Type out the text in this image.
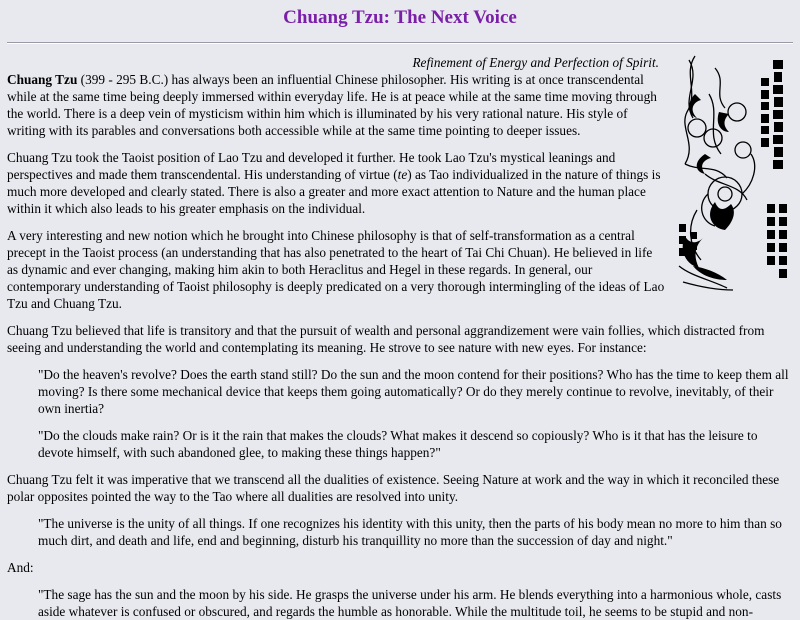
Chuang Tzu: The Next Voice
Refinement of Energy and Perfection of Spirit.

Chuang Tzu (399 - 295 B.C.) has always been an influential Chinese philosopher. His writing is at once transcendental while at the same time being deeply immersed within everyday life. He is at peace while at the same time moving through the world. There is a deep vein of mysticism within him which is illuminated by his very rational nature. His style of writing with its parables and conversations both accessible while at the same time pointing to deeper issues.

Chuang Tzu took the Taoist position of Lao Tzu and developed it further. He took Lao Tzu's mystical leanings and perspectives and made them transcendental. His understanding of virtue (te) as Tao individualized in the nature of things is much more developed and clearly stated. There is also a greater and more exact attention to Nature and the human place within it which also leads to his greater emphasis on the individual.

A very interesting and new notion which he brought into Chinese philosophy is that of self-transformation as a central precept in the Taoist process (an understanding that has also penetrated to the heart of Tai Chi Chuan). He believed in life as dynamic and ever changing, making him akin to both Heraclitus and Hegel in these regards. In general, our contemporary understanding of Taoist philosophy is deeply predicated on a very thorough intermingling of the ideas of Lao Tzu and Chuang Tzu.

Chuang Tzu believed that life is transitory and that the pursuit of wealth and personal aggrandizement were vain follies, which distracted from seeing and understanding the world and contemplating its meaning. He strove to see nature with new eyes. For instance:

"Do the heaven's revolve? Does the earth stand still? Do the sun and the moon contend for their positions? Who has the time to keep them all moving? Is there some mechanical device that keeps them going automatically? Or do they merely continue to revolve, inevitably, of their own inertia?
"Do the clouds make rain? Or is it the rain that makes the clouds? What makes it descend so copiously? Who is it that has the leisure to devote himself, with such abandoned glee, to making these things happen?"

Chuang Tzu felt it was imperative that we transcend all the dualities of existence. Seeing Nature at work and the way in which it reconciled these polar opposites pointed the way to the Tao where all dualities are resolved into unity.

"The universe is the unity of all things. If one recognizes his identity with this unity, then the parts of his body mean no more to him than so much dirt, and death and life, end and beginning, disturb his tranquillity no more than the succession of day and night."

And:

"The sage has the sun and the moon by his side. He grasps the universe under his arm. He blends everything into a harmonious whole, casts aside whatever is confused or obscured, and regards the humble as honorable. While the multitude toil, he seems to be stupid and non-
